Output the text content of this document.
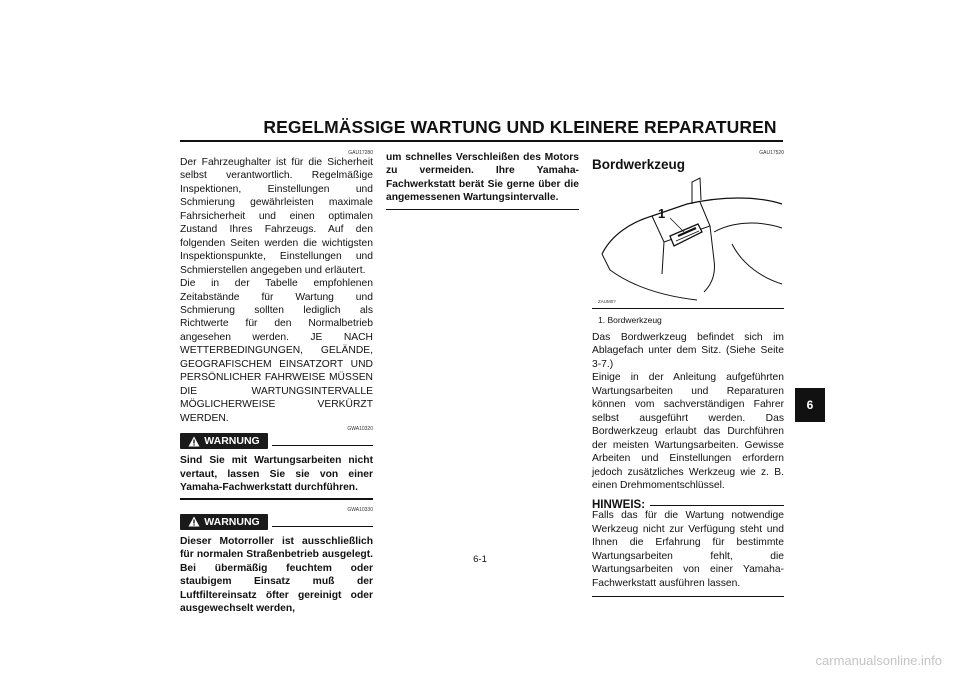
REGELMÄSSIGE WARTUNG UND KLEINERE REPARATUREN
GAU17280

Der Fahrzeughalter ist für die Sicherheit selbst verantwortlich. Regelmäßige Inspektionen, Einstellungen und Schmierung gewährleisten maximale Fahrsicherheit und einen optimalen Zustand Ihres Fahrzeugs. Auf den folgenden Seiten werden die wichtigsten Inspektionspunkte, Einstellungen und Schmierstellen angegeben und erläutert.

Die in der Tabelle empfohlenen Zeitabstände für Wartung und Schmierung sollten lediglich als Richtwerte für den Normalbetrieb angesehen werden. JE NACH WETTERBEDINGUNGEN, GELÄNDE, GEOGRAFISCHEM EINSATZORT UND PERSÖNLICHER FAHRWEISE MÜSSEN DIE WARTUNGSINTERVALLE MÖGLICHERWEISE VERKÜRZT WERDEN.

GWA10320
WARNUNG
Sind Sie mit Wartungsarbeiten nicht vertaut, lassen Sie sie von einer Yamaha-Fachwerkstatt durchführen.
GWA10330
WARNUNG
Dieser Motorroller ist ausschließlich für normalen Straßenbetrieb ausgelegt. Bei übermäßig feuchtem oder staubigem Einsatz muß der Luftfiltereinsatz öfter gereinigt oder ausgewechselt werden,
um schnelles Verschleißen des Motors zu vermeiden. Ihre Yamaha-Fachwerkstatt berät Sie gerne über die angemessenen Wartungsintervalle.
GAU17520
Bordwerkzeug
1
ZAUM0?
1. Bordwerkzeug

Das Bordwerkzeug befindet sich im Ablagefach unter dem Sitz. (Siehe Seite 3-7.)

Einige in der Anleitung aufgeführten Wartungsarbeiten und Reparaturen können vom sachverständigen Fahrer selbst ausgeführt werden. Das Bordwerkzeug erlaubt das Durchführen der meisten Wartungsarbeiten. Gewisse Arbeiten und Einstellungen erfordern jedoch zusätzliches Werkzeug wie z. B. einen Drehmomentschlüssel.

HINWEIS:
Falls das für die Wartung notwendige Werkzeug nicht zur Verfügung steht und Ihnen die Erfahrung für bestimmte Wartungsarbeiten fehlt, die Wartungsarbeiten von einer Yamaha-Fachwerkstatt ausführen lassen.
6
6-1
carmanualsonline.info
